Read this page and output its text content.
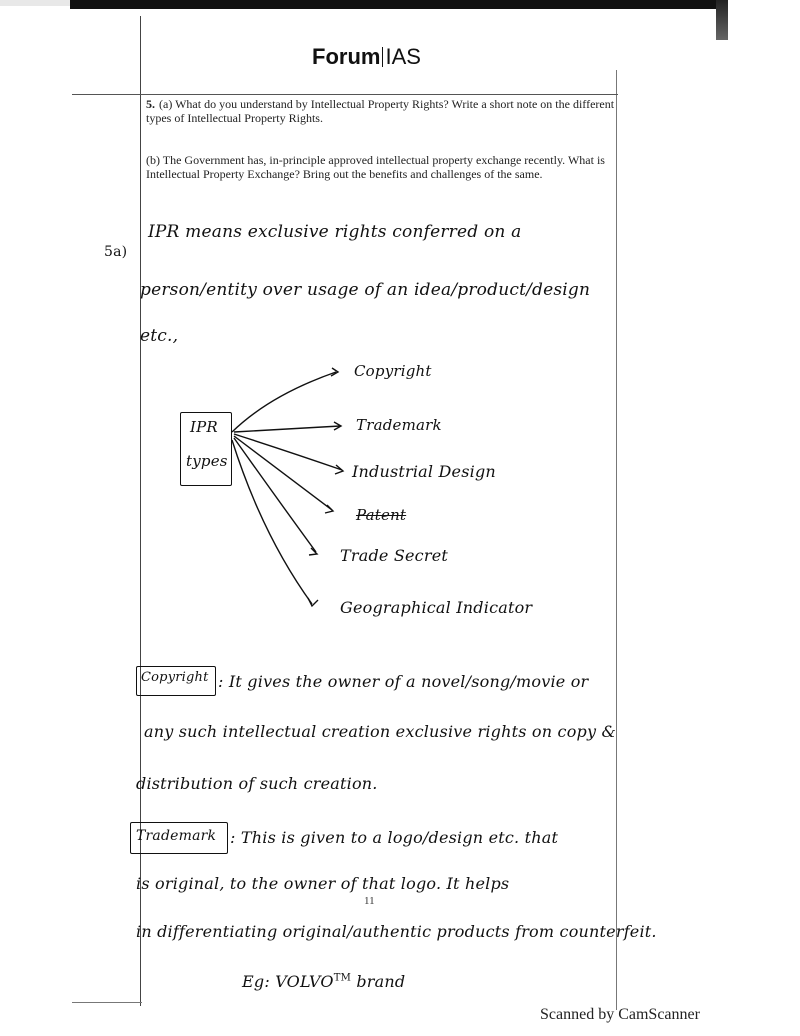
Forum IAS
5. (a) What do you understand by Intellectual Property Rights? Write a short note on the different types of Intellectual Property Rights.
(b) The Government has, in-principle approved intellectual property exchange recently. What is Intellectual Property Exchange? Bring out the benefits and challenges of the same.
5a)
IPR means exclusive rights conferred on a
person/entity over usage of an idea/product/design
etc.,
IPR
types
Copyright
Trademark
Industrial Design
Patent
Trade Secret
Geographical Indicator
Copyright : It gives the owner of a novel/song/movie or
any such intellectual creation exclusive rights on copy &
distribution of such creation.
Trademark : This is given to a logo/design etc. that
is original, to the owner of that logo. It helps
in differentiating original/authentic products from counterfeit.
Eg: VOLVO™ brand
11
Scanned by CamScanner
